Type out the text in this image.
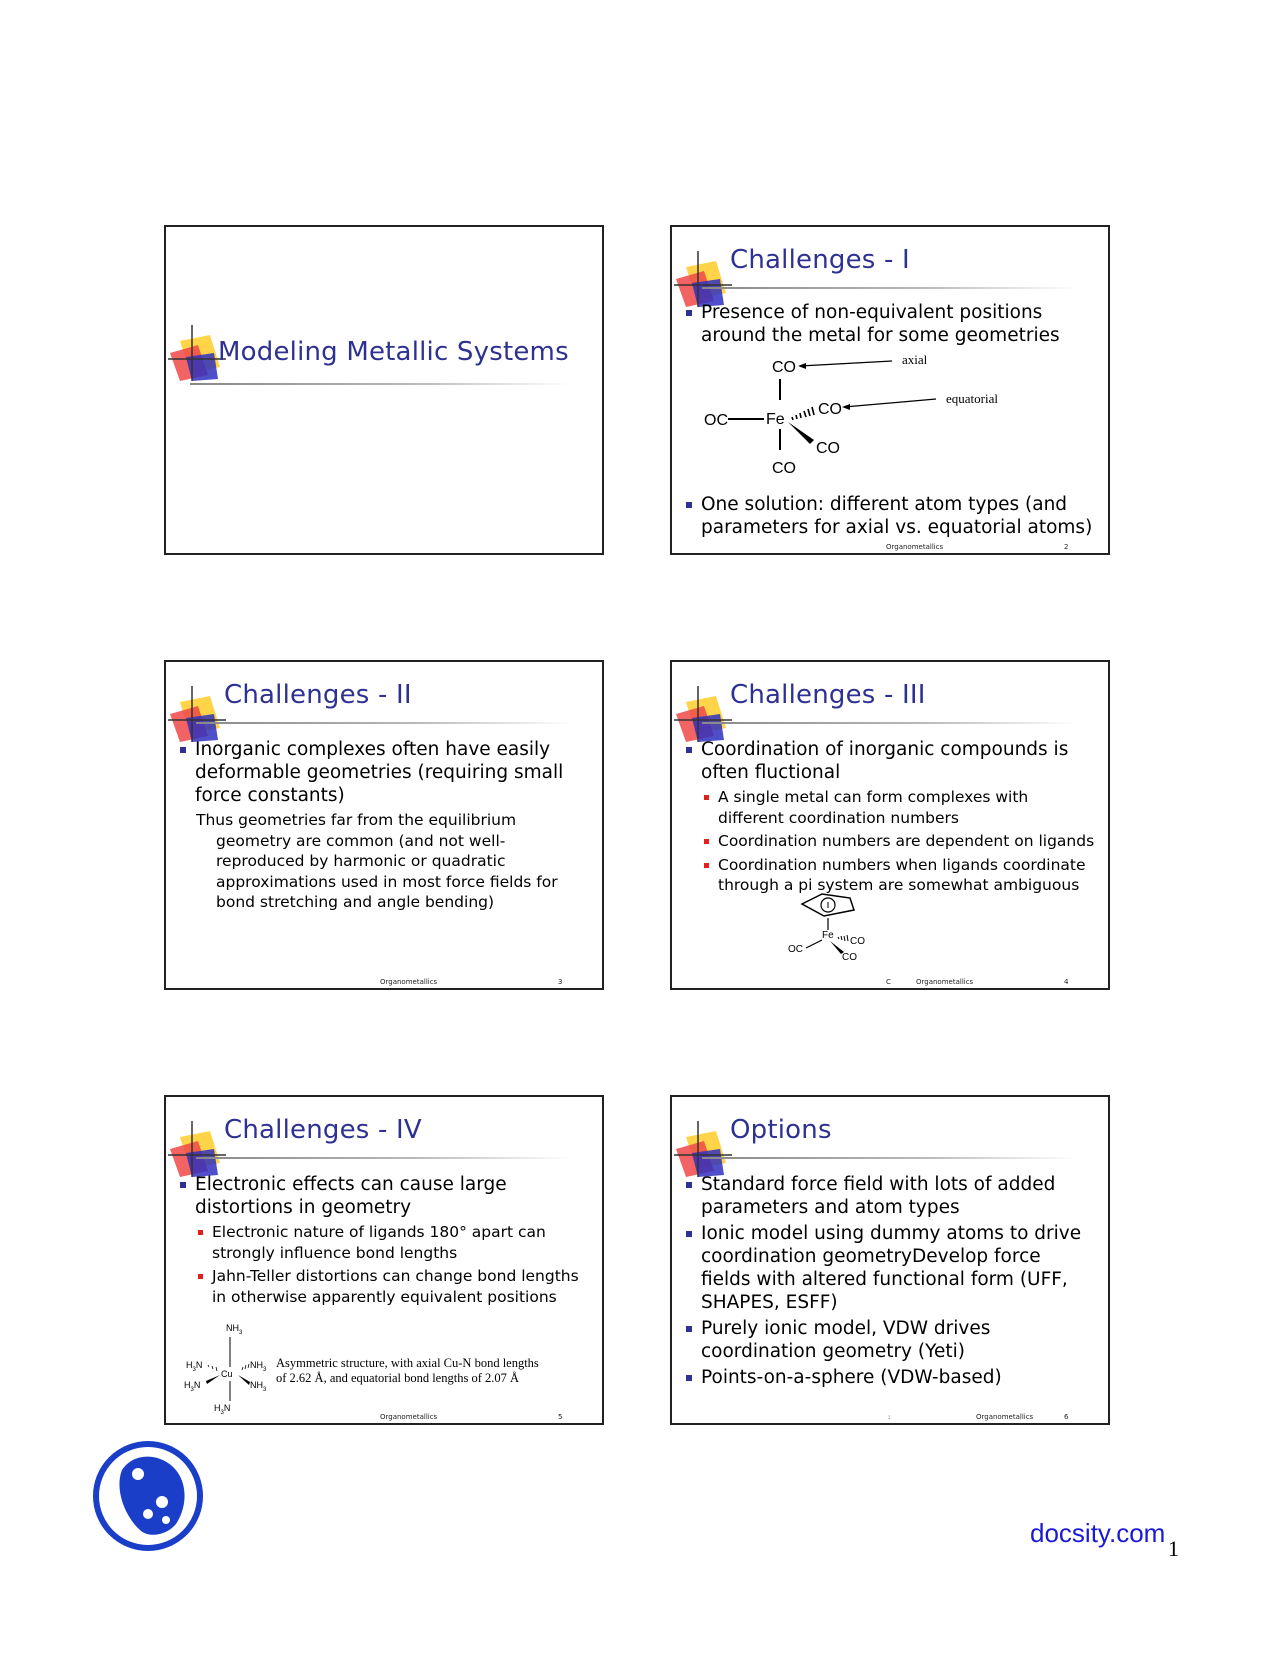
Modeling Metallic Systems
Challenges - I
Presence of non-equivalent positions around the metal for some geometries
CO
Fe
CO
OC
CO
CO
axial
equatorial
One solution: different atom types (and parameters for axial vs. equatorial atoms)
Organometallics	2
Challenges - II
Inorganic complexes often have easily deformable geometries (requiring small force constants)
Thus geometries far from the equilibrium geometry are common (and not well-reproduced by harmonic or quadratic approximations used in most force fields for bond stretching and angle bending)
Organometallics	3
Challenges - III
Coordination of inorganic compounds is often fluctional
A single metal can form complexes with different coordination numbers
Coordination numbers are dependent on ligands
Coordination numbers when ligands coordinate through a pi system are somewhat ambiguous
Fe
CO
OC
CO
C	Organometallics	4
Challenges - IV
Electronic effects can cause large distortions in geometry
Electronic nature of ligands 180° apart can strongly influence bond lengths
Jahn-Teller distortions can change bond lengths in otherwise apparently equivalent positions
$NH_3$
$H_3N$	$NH_3$
$H_3N$	$NH_3$
$H_3N$
Cu
Asymmetric structure, with axial Cu-N bond lengths
of 2.62 Å, and equatorial bond lengths of 2.07 Å
Organometallics	5
Options
Standard force field with lots of added parameters and atom types
Ionic model using dummy atoms to drive coordination geometryDevelop force fields with altered functional form (UFF, SHAPES, ESFF)
Purely ionic model, VDW drives coordination geometry (Yeti)
Points-on-a-sphere (VDW-based)
:	Organometallics	6
docsity.com
1
